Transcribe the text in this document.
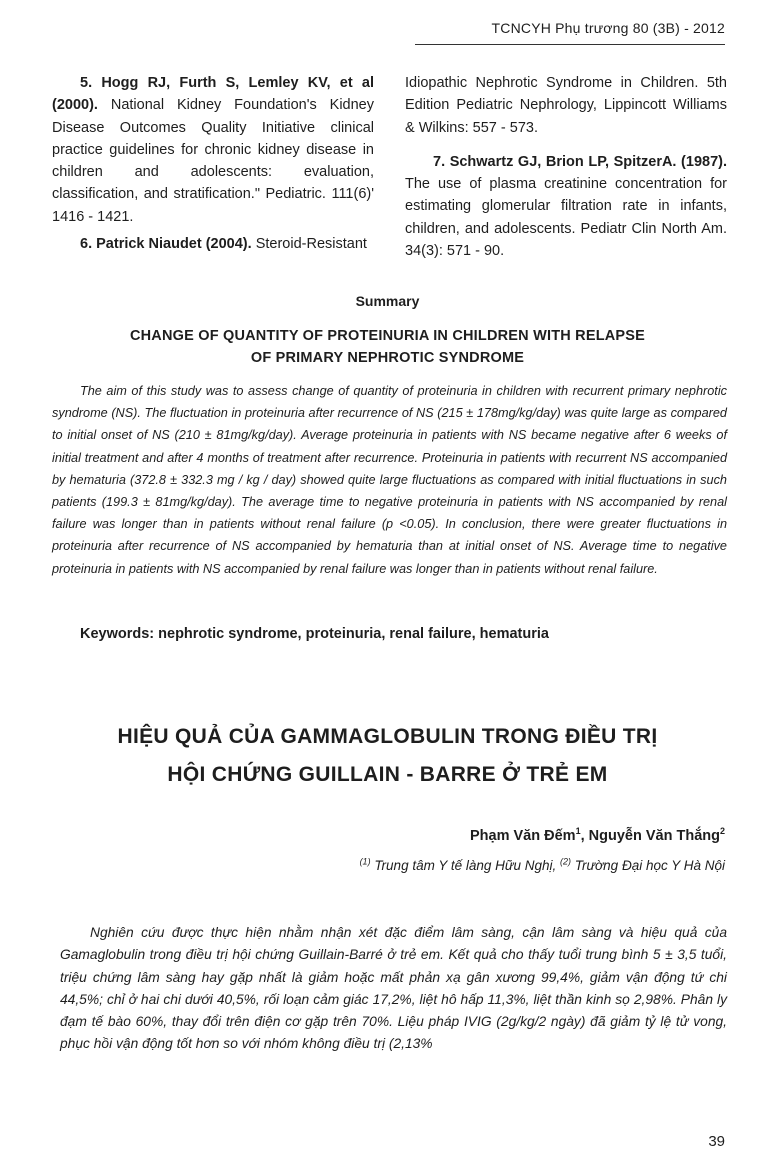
TCNCYH Phụ trương 80 (3B) - 2012

5. Hogg RJ, Furth S, Lemley KV, et al (2000). National Kidney Foundation's Kidney Disease Outcomes Quality Initiative clinical practice guidelines for chronic kidney disease in children and adolescents: evaluation, classification, and stratification." Pediatric. 111(6)' 1416 - 1421.

6. Patrick Niaudet (2004). Steroid-Resistant

Idiopathic Nephrotic Syndrome in Children. 5th Edition Pediatric Nephrology, Lippincott Williams & Wilkins: 557 - 573.

7. Schwartz GJ, Brion LP, SpitzerA. (1987). The use of plasma creatinine concentration for estimating glomerular filtration rate in infants, children, and adolescents. Pediatr Clin North Am. 34(3): 571 - 90.

Summary
CHANGE OF QUANTITY OF PROTEINURIA IN CHILDREN WITH RELAPSE
OF PRIMARY NEPHROTIC SYNDROME

The aim of this study was to assess change of quantity of proteinuria in children with recurrent primary nephrotic syndrome (NS). The fluctuation in proteinuria after recurrence of NS (215 ± 178mg/kg/day) was quite large as compared to initial onset of NS (210 ± 81mg/kg/day). Average proteinuria in patients with NS became negative after 6 weeks of initial treatment and after 4 months of treatment after recurrence. Proteinuria in patients with recurrent NS accompanied by hematuria (372.8 ± 332.3 mg / kg / day) showed quite large fluctuations as compared with initial fluctuations in such patients (199.3 ± 81mg/kg/day). The average time to negative proteinuria in patients with NS accompanied by renal failure was longer than in patients without renal failure (p <0.05). In conclusion, there were greater fluctuations in proteinuria after recurrence of NS accompanied by hematuria than at initial onset of NS. Average time to negative proteinuria in patients with NS accompanied by renal failure was longer than in patients without renal failure.

Keywords: nephrotic syndrome, proteinuria, renal failure, hematuria
HIỆU QUẢ CỦA GAMMAGLOBULIN TRONG ĐIỀU TRỊ
HỘI CHỨNG GUILLAIN - BARRE Ở TRẺ EM
Phạm Văn Đếm$^1$, Nguyễn Văn Thắng$^2$
$^{(1)}$ Trung tâm Y tế làng Hữu Nghị, $^{(2)}$ Trường Đại học Y Hà Nội

Nghiên cứu được thực hiện nhằm nhận xét đặc điểm lâm sàng, cận lâm sàng và hiệu quả của Gamaglobulin trong điều trị hội chứng Guillain-Barré ở trẻ em. Kết quả cho thấy tuổi trung bình 5 ± 3,5 tuổi, triệu chứng lâm sàng hay gặp nhất là giảm hoặc mất phản xạ gân xương 99,4%, giảm vận động tứ chi 44,5%; chỉ ở hai chi dưới 40,5%, rối loạn cảm giác 17,2%, liệt hô hấp 11,3%, liệt thần kinh sọ 2,98%. Phân ly đạm tế bào 60%, thay đổi trên điện cơ gặp trên 70%. Liệu pháp IVIG (2g/kg/2 ngày) đã giảm tỷ lệ tử vong, phục hồi vận động tốt hơn so với nhóm không điều trị (2,13%

39
